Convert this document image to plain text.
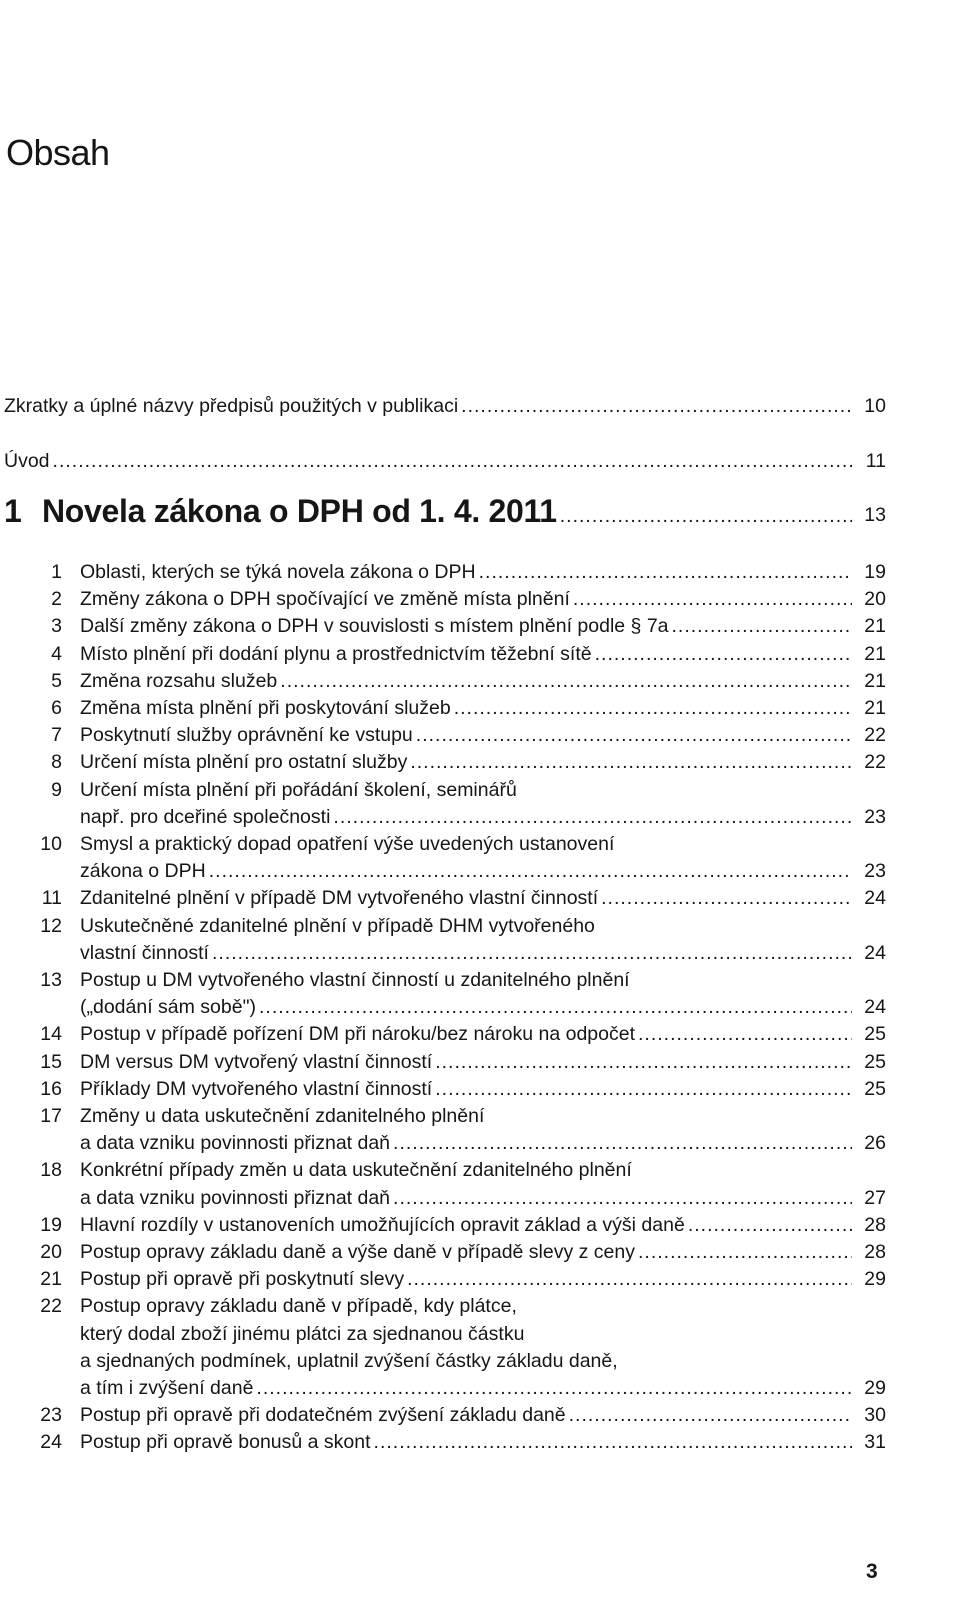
Obsah
Zkratky a úplné názvy předpisů použitých v publikaci .....	10
Úvod .....	11
1 Novela zákona o DPH od 1. 4. 2011 .....	13
1 Oblasti, kterých se týká novela zákona o DPH .....	19
2 Změny zákona o DPH spočívající ve změně místa plnění .....	20
3 Další změny zákona o DPH v souvislosti s místem plnění podle § 7a .....	21
4 Místo plnění při dodání plynu a prostřednictvím těžební sítě .....	21
5 Změna rozsahu služeb .....	21
6 Změna místa plnění při poskytování služeb .....	21
7 Poskytnutí služby oprávnění ke vstupu .....	22
8 Určení místa plnění pro ostatní služby .....	22
9 Určení místa plnění při pořádání školení, seminářů
např. pro dceřiné společnosti .....	23
10 Smysl a praktický dopad opatření výše uvedených ustanovení
zákona o DPH .....	23
11 Zdanitelné plnění v případě DM vytvořeného vlastní činností .....	24
12 Uskutečněné zdanitelné plnění v případě DHM vytvořeného
vlastní činností .....	24
13 Postup u DM vytvořeného vlastní činností u zdanitelného plnění
(„dodání sám sobě") .....	24
14 Postup v případě pořízení DM při nároku/bez nároku na odpočet .....	25
15 DM versus DM vytvořený vlastní činností .....	25
16 Příklady DM vytvořeného vlastní činností .....	25
17 Změny u data uskutečnění zdanitelného plnění
a data vzniku povinnosti přiznat daň .....	26
18 Konkrétní případy změn u data uskutečnění zdanitelného plnění
a data vzniku povinnosti přiznat daň .....	27
19 Hlavní rozdíly v ustanoveních umožňujících opravit základ a výši daně .....	28
20 Postup opravy základu daně a výše daně v případě slevy z ceny .....	28
21 Postup při opravě při poskytnutí slevy .....	29
22 Postup opravy základu daně v případě, kdy plátce,
který dodal zboží jinému plátci za sjednanou částku
a sjednaných podmínek, uplatnil zvýšení částky základu daně,
a tím i zvýšení daně .....	29
23 Postup při opravě při dodatečném zvýšení základu daně .....	30
24 Postup při opravě bonusů a skont .....	31
3
